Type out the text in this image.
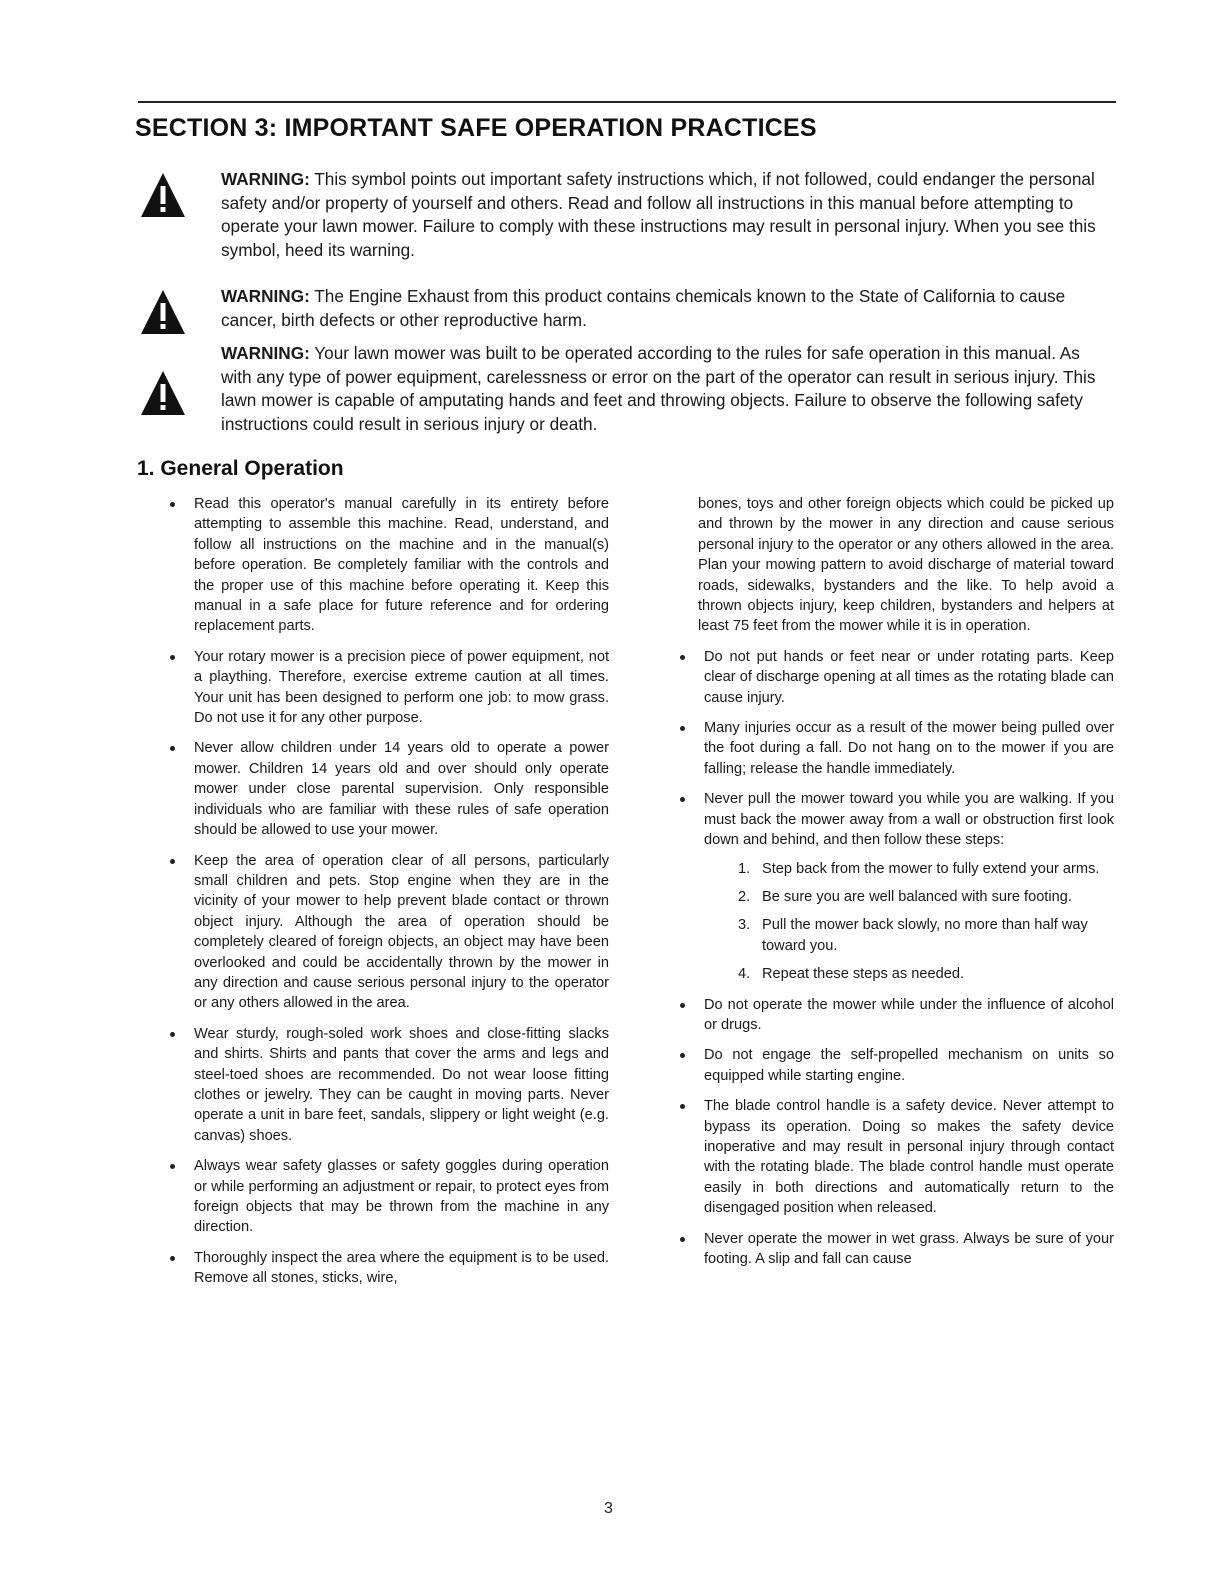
SECTION 3: IMPORTANT SAFE OPERATION PRACTICES

WARNING: This symbol points out important safety instructions which, if not followed, could endanger the personal safety and/or property of yourself and others. Read and follow all instructions in this manual before attempting to operate your lawn mower. Failure to comply with these instructions may result in personal injury. When you see this symbol, heed its warning.

WARNING: The Engine Exhaust from this product contains chemicals known to the State of California to cause cancer, birth defects or other reproductive harm.

WARNING: Your lawn mower was built to be operated according to the rules for safe operation in this manual. As with any type of power equipment, carelessness or error on the part of the operator can result in serious injury. This lawn mower is capable of amputating hands and feet and throwing objects. Failure to observe the following safety instructions could result in serious injury or death.

1. General Operation
Read this operator's manual carefully in its entirety before attempting to assemble this machine. Read, understand, and follow all instructions on the machine and in the manual(s) before operation. Be completely familiar with the controls and the proper use of this machine before operating it. Keep this manual in a safe place for future reference and for ordering replacement parts.
Your rotary mower is a precision piece of power equipment, not a plaything. Therefore, exercise extreme caution at all times. Your unit has been designed to perform one job: to mow grass. Do not use it for any other purpose.
Never allow children under 14 years old to operate a power mower. Children 14 years old and over should only operate mower under close parental supervision. Only responsible individuals who are familiar with these rules of safe operation should be allowed to use your mower.
Keep the area of operation clear of all persons, particularly small children and pets. Stop engine when they are in the vicinity of your mower to help prevent blade contact or thrown object injury. Although the area of operation should be completely cleared of foreign objects, an object may have been overlooked and could be accidentally thrown by the mower in any direction and cause serious personal injury to the operator or any others allowed in the area.
Wear sturdy, rough-soled work shoes and close-fitting slacks and shirts. Shirts and pants that cover the arms and legs and steel-toed shoes are recommended. Do not wear loose fitting clothes or jewelry. They can be caught in moving parts. Never operate a unit in bare feet, sandals, slippery or light weight (e.g. canvas) shoes.
Always wear safety glasses or safety goggles during operation or while performing an adjustment or repair, to protect eyes from foreign objects that may be thrown from the machine in any direction.
Thoroughly inspect the area where the equipment is to be used. Remove all stones, sticks, wire,
bones, toys and other foreign objects which could be picked up and thrown by the mower in any direction and cause serious personal injury to the operator or any others allowed in the area. Plan your mowing pattern to avoid discharge of material toward roads, sidewalks, bystanders and the like. To help avoid a thrown objects injury, keep children, bystanders and helpers at least 75 feet from the mower while it is in operation.
Do not put hands or feet near or under rotating parts. Keep clear of discharge opening at all times as the rotating blade can cause injury.
Many injuries occur as a result of the mower being pulled over the foot during a fall. Do not hang on to the mower if you are falling; release the handle immediately.
Never pull the mower toward you while you are walking. If you must back the mower away from a wall or obstruction first look down and behind, and then follow these steps:
1. Step back from the mower to fully extend your arms.
2. Be sure you are well balanced with sure footing.
3. Pull the mower back slowly, no more than half way toward you.
4. Repeat these steps as needed.
Do not operate the mower while under the influence of alcohol or drugs.
Do not engage the self-propelled mechanism on units so equipped while starting engine.
The blade control handle is a safety device. Never attempt to bypass its operation. Doing so makes the safety device inoperative and may result in personal injury through contact with the rotating blade. The blade control handle must operate easily in both directions and automatically return to the disengaged position when released.
Never operate the mower in wet grass. Always be sure of your footing. A slip and fall can cause
3
